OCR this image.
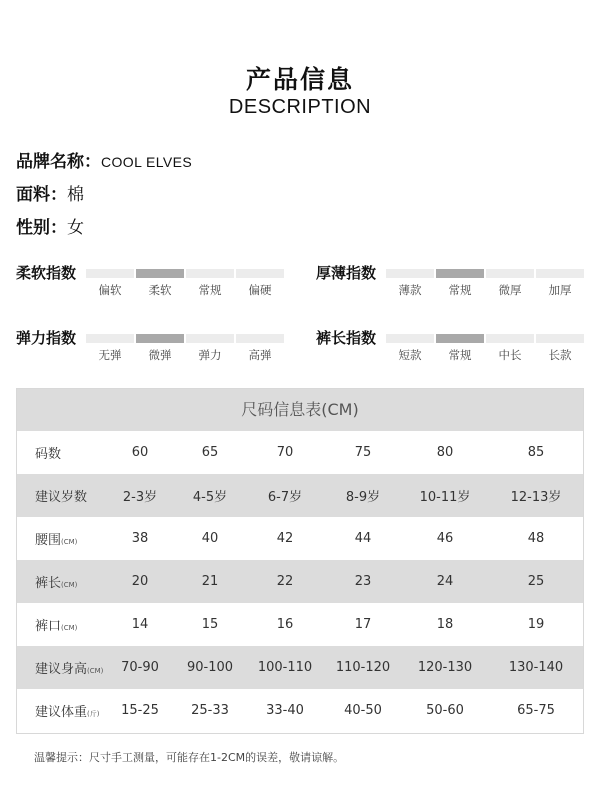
产品信息
DESCRIPTION
品牌名称：COOL ELVES
面料：棉
性别：女
柔软指数
偏软	柔软	常规	偏硬
厚薄指数
薄款	常规	微厚	加厚
弹力指数
无弹	微弹	弹力	高弹
裤长指数
短款	常规	中长	长款
尺码信息表(CM)
码数	60	65	70	75	80	85
建议岁数	2-3岁	4-5岁	6-7岁	8-9岁	10-11岁	12-13岁
腰围(CM)	38	40	42	44	46	48
裤长(CM)	20	21	22	23	24	25
裤口(CM)	14	15	16	17	18	19
建议身高(CM)	70-90	90-100	100-110	110-120	120-130	130-140
建议体重(斤)	15-25	25-33	33-40	40-50	50-60	65-75
温馨提示：尺寸手工测量，可能存在1-2CM的误差，敬请谅解。
